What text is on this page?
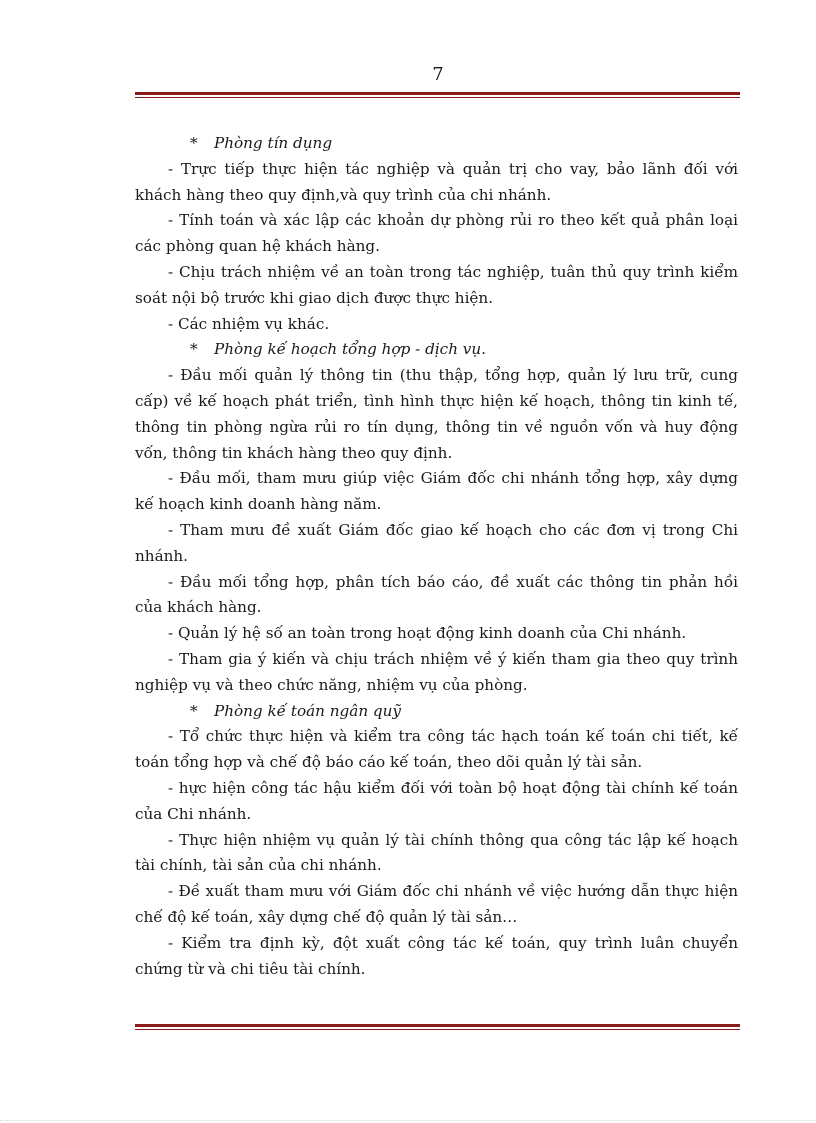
7
* Phòng tín dụng

- Trực tiếp thực hiện tác nghiệp và quản trị cho vay, bảo lãnh đối với khách hàng theo quy định,và quy trình của chi nhánh.

- Tính toán và xác lập các khoản dự phòng rủi ro theo kết quả phân loại các phòng quan hệ khách hàng.

- Chịu trách nhiệm về an toàn trong tác nghiệp, tuân thủ quy trình kiểm soát nội bộ trước khi giao dịch được thực hiện.

- Các nhiệm vụ khác.

* Phòng kế hoạch tổng hợp - dịch vụ.

- Đầu mối quản lý thông tin (thu thập, tổng hợp, quản lý lưu trữ, cung cấp) về kế hoạch phát triển, tình hình thực hiện kế hoạch, thông tin kinh tế, thông tin phòng ngừa rủi ro tín dụng, thông tin về nguồn vốn và huy động vốn, thông tin khách hàng theo quy định.

- Đầu mối, tham mưu giúp việc Giám đốc chi nhánh tổng hợp, xây dựng kế hoạch kinh doanh hàng năm.

- Tham mưu đề xuất Giám đốc giao kế hoạch cho các đơn vị trong Chi nhánh.

- Đầu mối tổng hợp, phân tích báo cáo, đề xuất các thông tin phản hồi của khách hàng.

- Quản lý hệ số an toàn trong hoạt động kinh doanh của Chi nhánh.

- Tham gia ý kiến và chịu trách nhiệm về ý kiến tham gia theo quy trình nghiệp vụ và theo chức năng, nhiệm vụ của phòng.

* Phòng kế toán ngân quỹ

- Tổ chức thực hiện và kiểm tra công tác hạch toán kế toán chi tiết, kế toán tổng hợp và chế độ báo cáo kế toán, theo dõi quản lý tài sản.

- hực hiện công tác hậu kiểm đối với toàn bộ hoạt động tài chính kế toán của Chi nhánh.

- Thực hiện nhiệm vụ quản lý tài chính thông qua công tác lập kế hoạch tài chính, tài sản của chi nhánh.

- Đề xuất tham mưu với Giám đốc chi nhánh về việc hướng dẫn thực hiện chế độ kế toán, xây dựng chế độ quản lý tài sản…

- Kiểm tra định kỳ, đột xuất công tác kế toán, quy trình luân chuyển chứng từ và chi tiêu tài chính.
